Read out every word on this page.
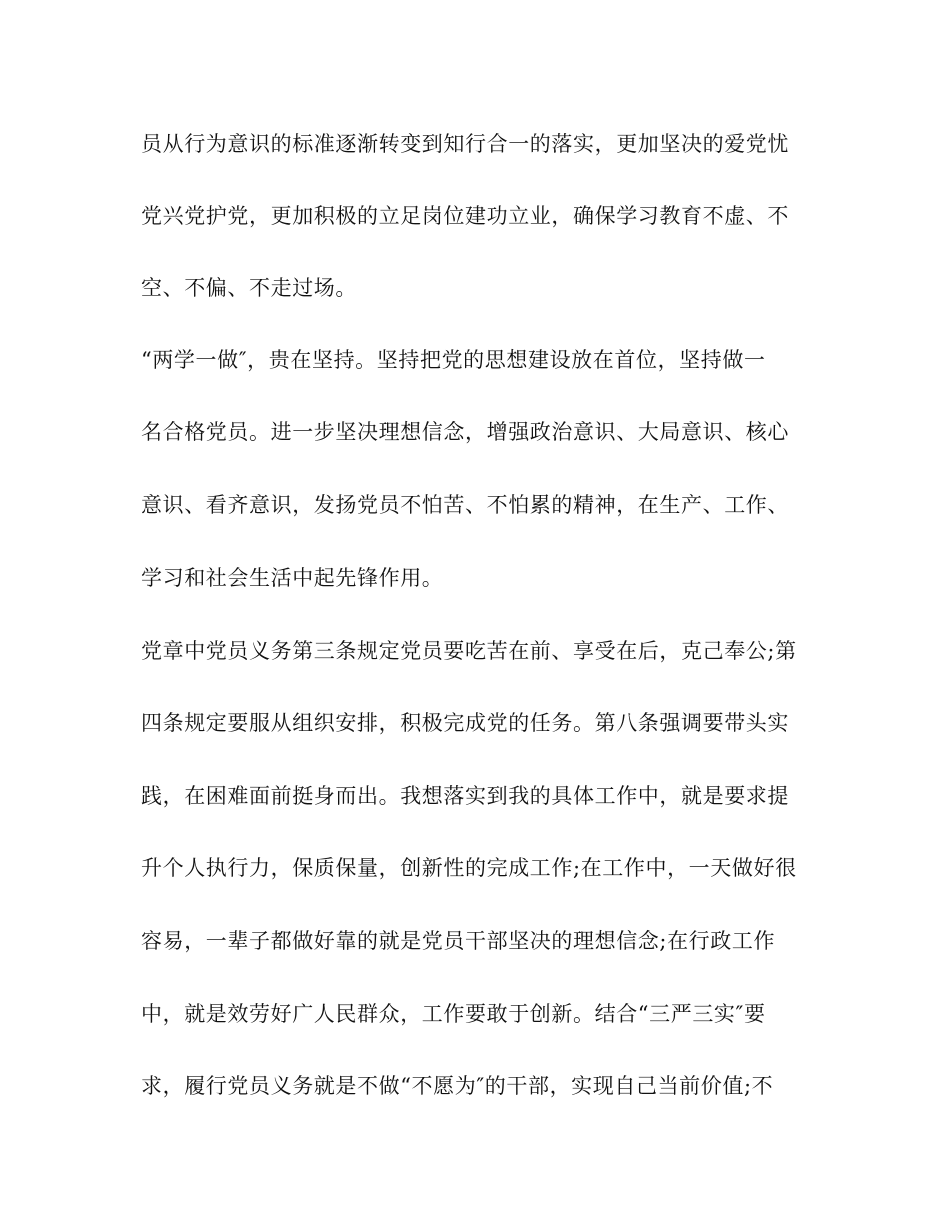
员从行为意识的标准逐渐转变到知行合一的落实，更加坚决的爱党忧
党兴党护党，更加积极的立足岗位建功立业，确保学习教育不虚、不
空、不偏、不走过场。
“两学一做″，贵在坚持。坚持把党的思想建设放在首位，坚持做一
名合格党员。进一步坚决理想信念，增强政治意识、大局意识、核心
意识、看齐意识，发扬党员不怕苦、不怕累的精神，在生产、工作、
学习和社会生活中起先锋作用。
党章中党员义务第三条规定党员要吃苦在前、享受在后，克己奉公;第
四条规定要服从组织安排，积极完成党的任务。第八条强调要带头实
践，在困难面前挺身而出。我想落实到我的具体工作中，就是要求提
升个人执行力，保质保量，创新性的完成工作;在工作中，一天做好很
容易，一辈子都做好靠的就是党员干部坚决的理想信念;在行政工作
中，就是效劳好广人民群众，工作要敢于创新。结合“三严三实″要
求，履行党员义务就是不做“不愿为″的干部，实现自己当前价值;不
